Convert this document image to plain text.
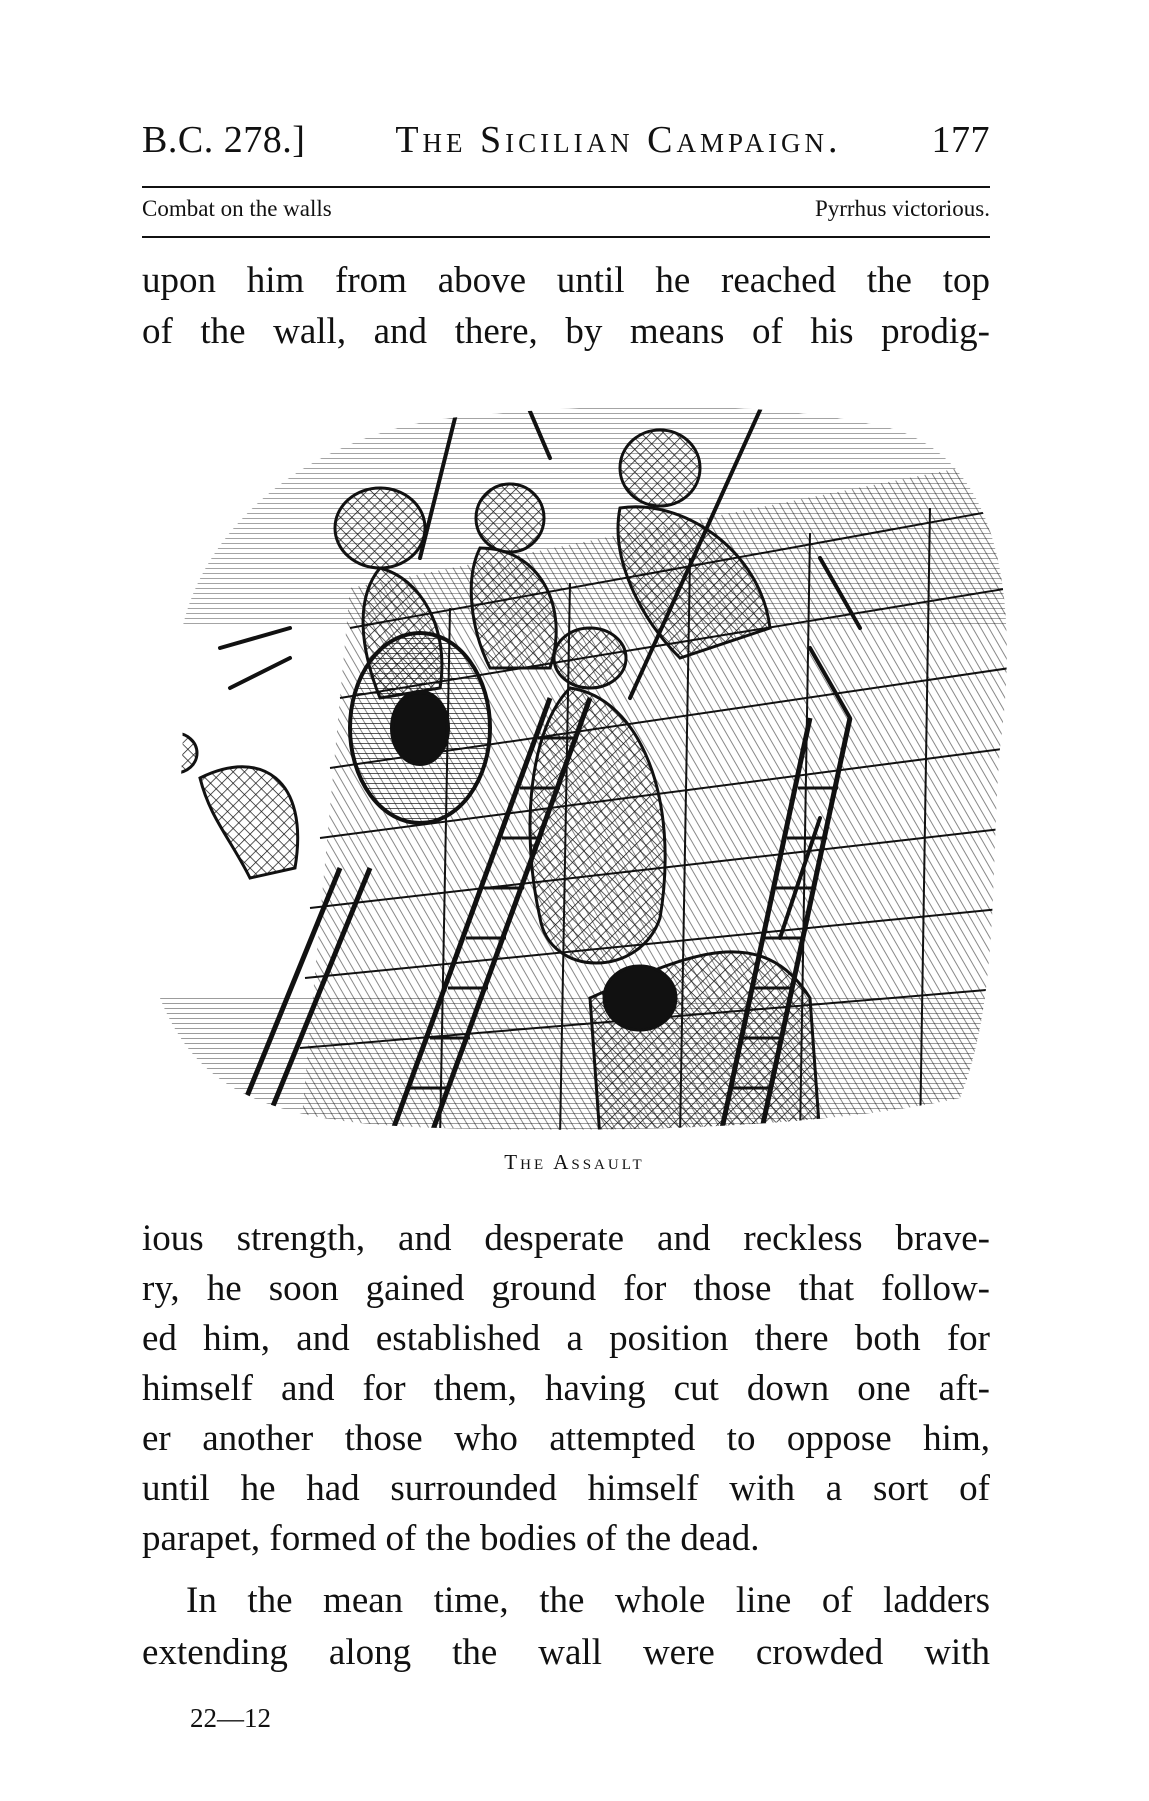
B.C. 278.] The Sicilian Campaign. 177
Combat on the walls	Pyrrhus victorious.
upon him from above until he reached the top
of the wall, and there, by means of his prodig-
The Assault
ious strength, and desperate and reckless brave-
ry, he soon gained ground for those that follow-
ed him, and established a position there both for
himself and for them, having cut down one aft-
er another those who attempted to oppose him,
until he had surrounded himself with a sort of
parapet, formed of the bodies of the dead.
In the mean time, the whole line of ladders
extending along the wall were crowded with
22—12
